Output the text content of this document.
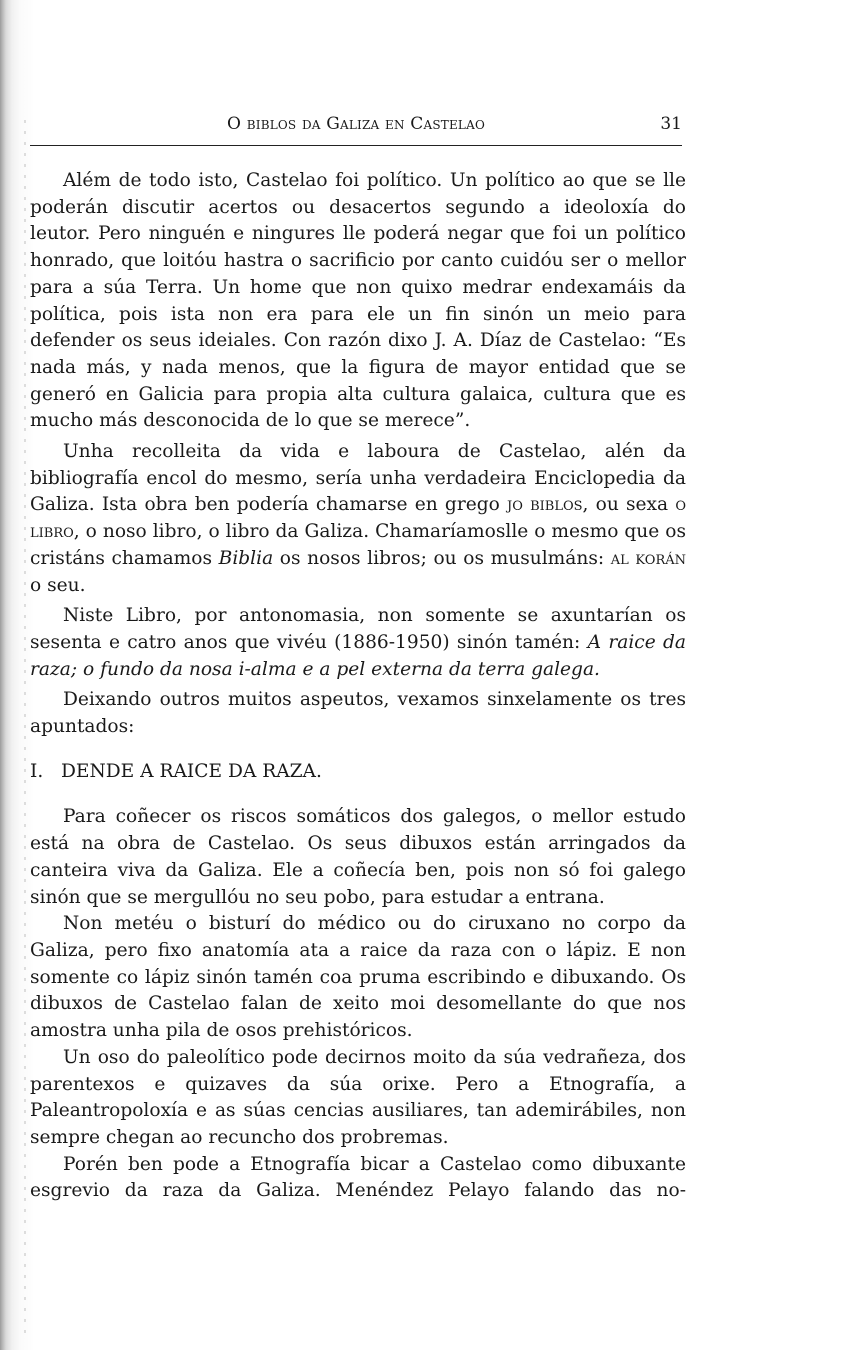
O biblos da Galiza en Castelao	31

Além de todo isto, Castelao foi político. Un político ao que se lle poderán discutir acertos ou desacertos segundo a ideoloxía do leutor. Pero ninguén e ningures lle poderá negar que foi un político honrado, que loitóu hastra o sacrificio por canto cuidóu ser o mellor para a súa Terra. Un home que non quixo medrar endexamáis da política, pois ista non era para ele un fin sinón un meio para defender os seus ideiales. Con razón dixo J. A. Díaz de Castelao: “Es nada más, y nada menos, que la figura de mayor entidad que se generó en Galicia para propia alta cultura galaica, cultura que es mucho más desconocida de lo que se merece”.

Unha recolleita da vida e laboura de Castelao, alén da bibliografía encol do mesmo, sería unha verdadeira Enciclopedia da Galiza. Ista obra ben podería chamarse en grego jo biblos, ou sexa o libro, o noso libro, o libro da Galiza. Chamaríamoslle o mesmo que os cristáns chamamos Biblia os nosos libros; ou os musulmáns: al korán o seu.

Niste Libro, por antonomasia, non somente se axuntarían os sesenta e catro anos que vivéu (1886-1950) sinón tamén: A raice da raza; o fundo da nosa i-alma e a pel externa da terra galega.

Deixando outros muitos aspeutos, vexamos sinxelamente os tres apuntados:

I.   DENDE A RAICE DA RAZA.

Para coñecer os riscos somáticos dos galegos, o mellor estudo está na obra de Castelao. Os seus dibuxos están arringados da canteira viva da Galiza. Ele a coñecía ben, pois non só foi galego sinón que se mergullóu no seu pobo, para estudar a entrana.

Non metéu o bisturí do médico ou do ciruxano no corpo da Galiza, pero fixo anatomía ata a raice da raza con o lápiz. E non somente co lápiz sinón tamén coa pruma escribindo e dibuxando. Os dibuxos de Castelao falan de xeito moi desomellante do que nos amostra unha pila de osos prehistóricos.

Un oso do paleolítico pode decirnos moito da súa vedrañeza, dos parentexos e quizaves da súa orixe. Pero a Etnografía, a Paleantropoloxía e as súas cencias ausiliares, tan ademirábiles, non sempre chegan ao recuncho dos probremas.

Porén ben pode a Etnografía bicar a Castelao como dibuxante esgrevio da raza da Galiza. Menéndez Pelayo falando das no-
